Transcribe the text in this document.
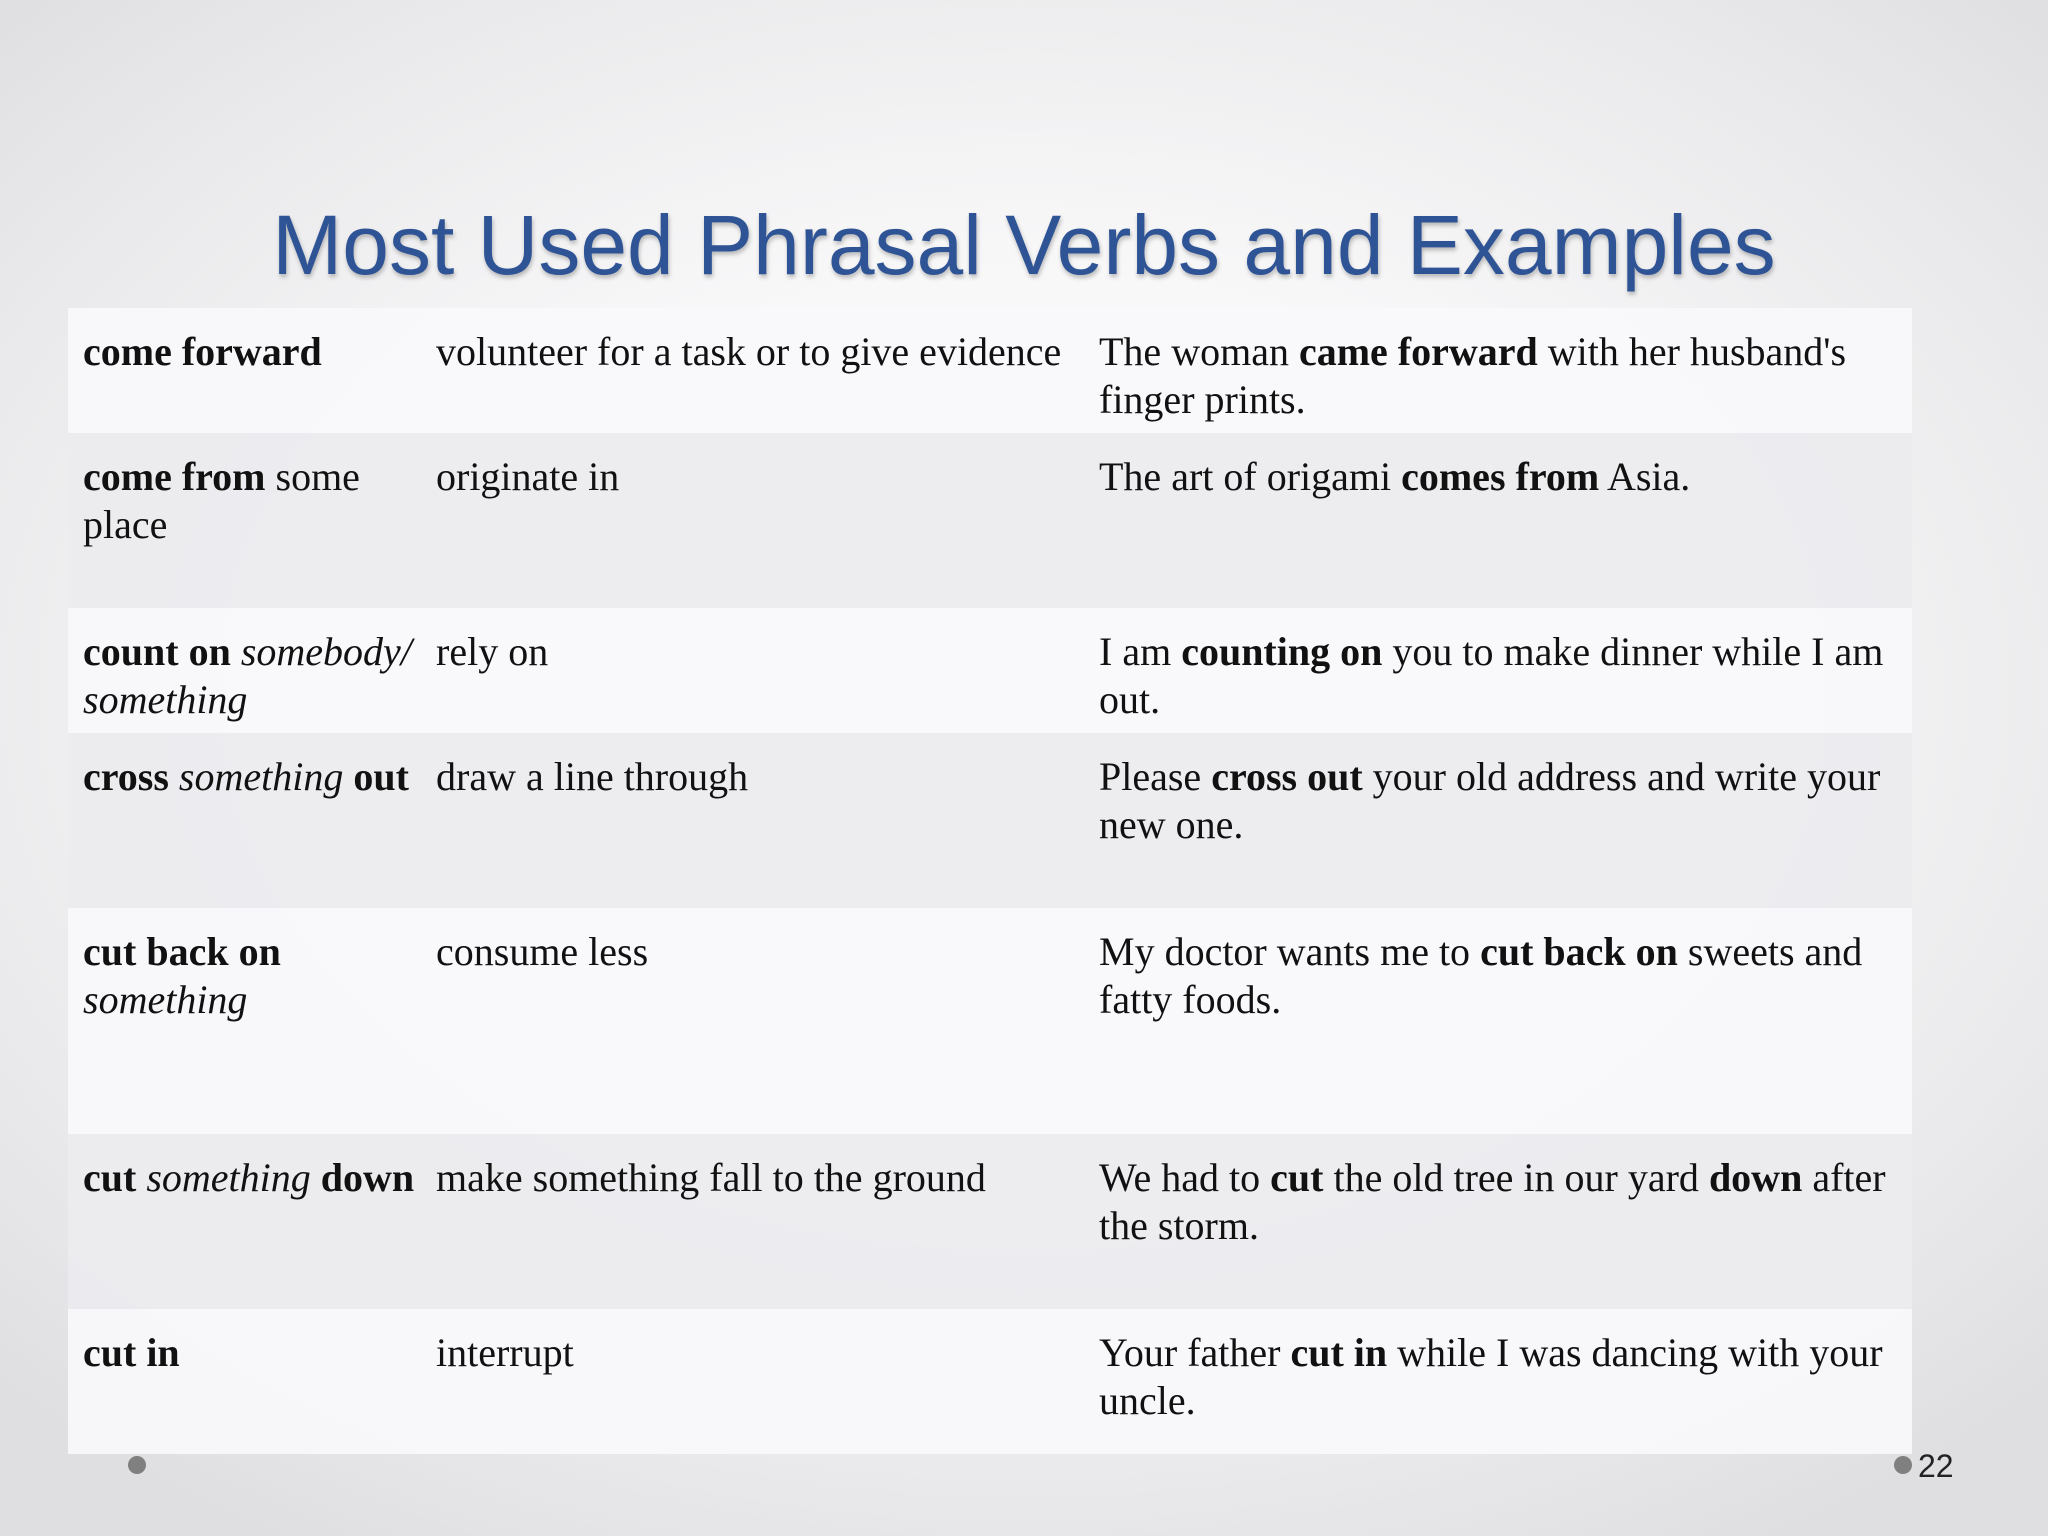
Most Used Phrasal Verbs and Examples
come forward	volunteer for a task or to give evidence	The woman came forward with her husband's finger prints.
come from some place	originate in	The art of origami comes from Asia.
count on somebody/ something	rely on	I am counting on you to make dinner while I am out.
cross something out	draw a line through	Please cross out your old address and write your new one.
cut back on something	consume less	My doctor wants me to cut back on sweets and fatty foods.
cut something down	make something fall to the ground	We had to cut the old tree in our yard down after the storm.
cut in	interrupt	Your father cut in while I was dancing with your uncle.
22
